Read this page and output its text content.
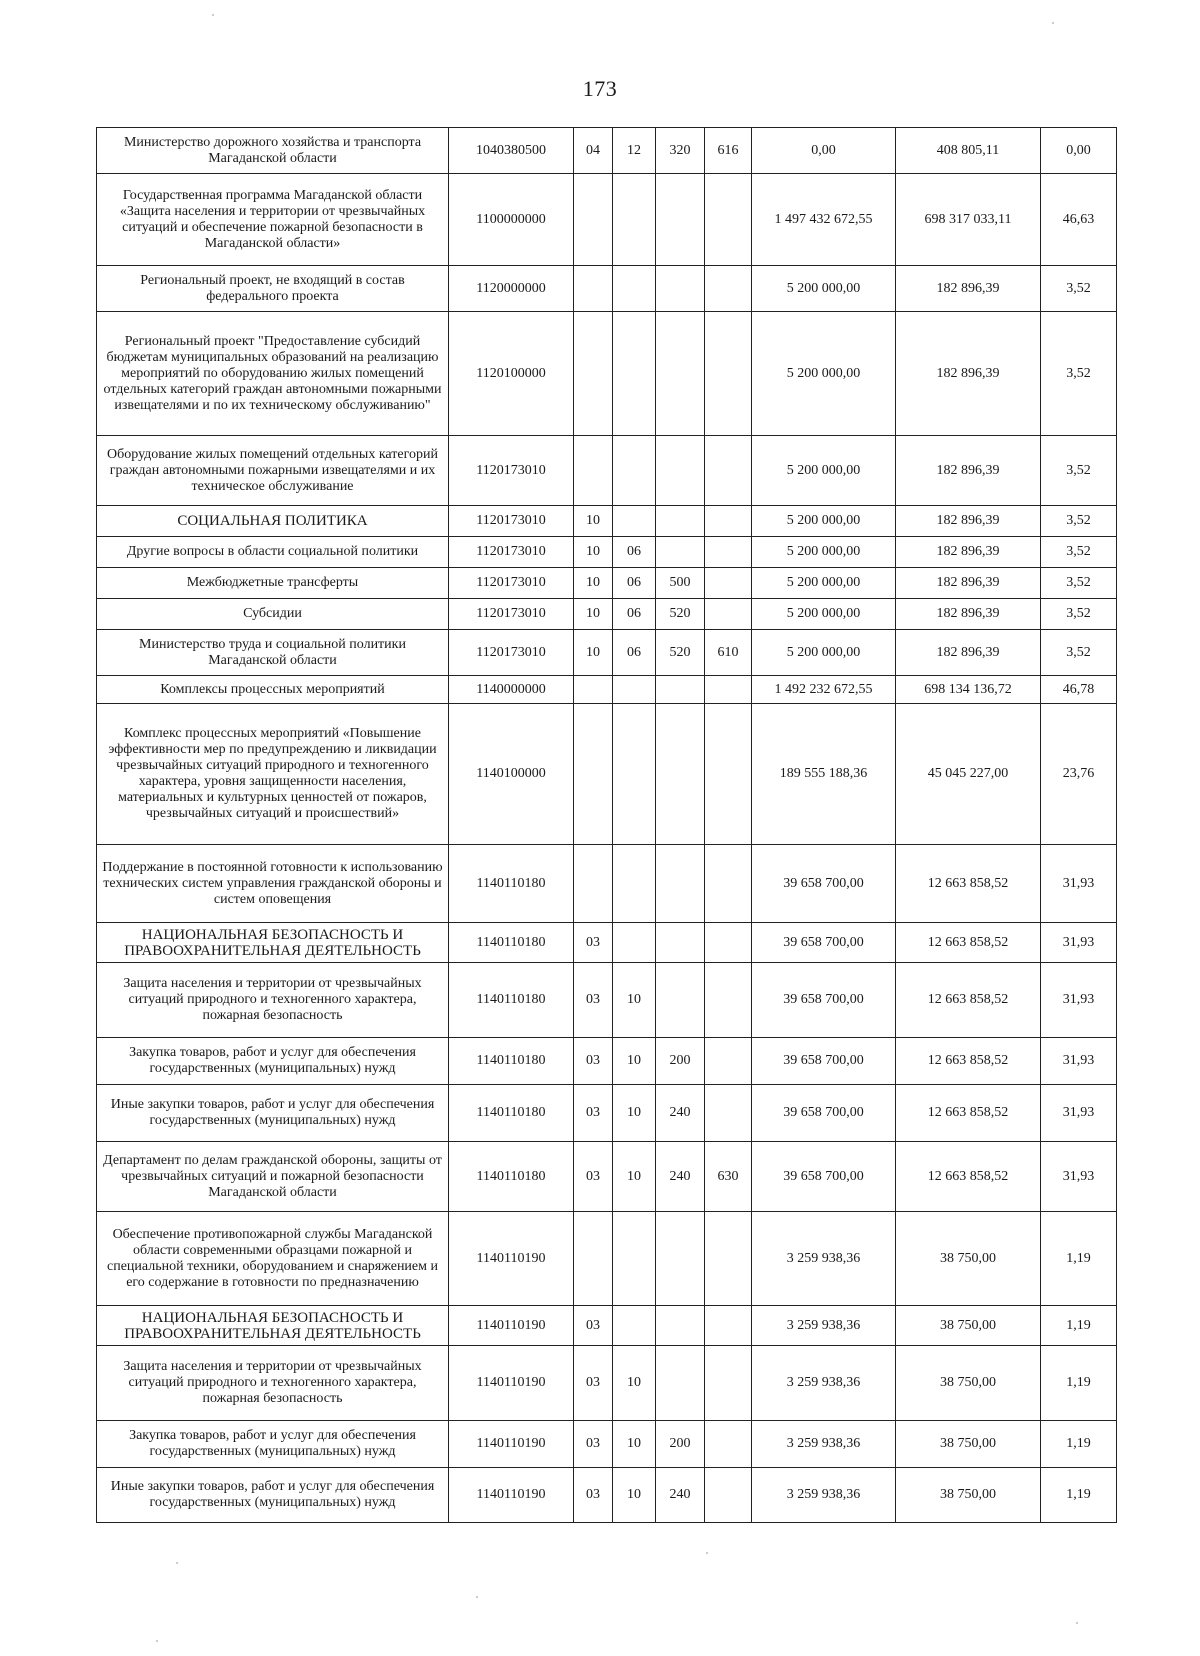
173
Министерство дорожного хозяйства и транспорта Магаданской области	1040380500	04	12	320	616	0,00	408 805,11	0,00
Государственная программа Магаданской области «Защита населения и территории от чрезвычайных ситуаций и обеспечение пожарной безопасности в Магаданской области»	1100000000					1 497 432 672,55	698 317 033,11	46,63
Региональный проект, не входящий в состав федерального проекта	1120000000					5 200 000,00	182 896,39	3,52
Региональный проект "Предоставление субсидий бюджетам муниципальных образований на реализацию мероприятий по оборудованию жилых помещений отдельных категорий граждан автономными пожарными извещателями и по их техническому обслуживанию"	1120100000					5 200 000,00	182 896,39	3,52
Оборудование жилых помещений отдельных категорий граждан автономными пожарными извещателями и их техническое обслуживание	1120173010					5 200 000,00	182 896,39	3,52
СОЦИАЛЬНАЯ ПОЛИТИКА	1120173010	10				5 200 000,00	182 896,39	3,52
Другие вопросы в области социальной политики	1120173010	10	06			5 200 000,00	182 896,39	3,52
Межбюджетные трансферты	1120173010	10	06	500		5 200 000,00	182 896,39	3,52
Субсидии	1120173010	10	06	520		5 200 000,00	182 896,39	3,52
Министерство труда и социальной политики Магаданской области	1120173010	10	06	520	610	5 200 000,00	182 896,39	3,52
Комплексы процессных мероприятий	1140000000					1 492 232 672,55	698 134 136,72	46,78
Комплекс процессных мероприятий «Повышение эффективности мер по предупреждению и ликвидации чрезвычайных ситуаций природного и техногенного характера, уровня защищенности населения, материальных и культурных ценностей от пожаров, чрезвычайных ситуаций и происшествий»	1140100000					189 555 188,36	45 045 227,00	23,76
Поддержание в постоянной готовности к использованию технических систем управления гражданской обороны и систем оповещения	1140110180					39 658 700,00	12 663 858,52	31,93
НАЦИОНАЛЬНАЯ БЕЗОПАСНОСТЬ И ПРАВООХРАНИТЕЛЬНАЯ ДЕЯТЕЛЬНОСТЬ	1140110180	03				39 658 700,00	12 663 858,52	31,93
Защита населения и территории от чрезвычайных ситуаций природного и техногенного характера, пожарная безопасность	1140110180	03	10			39 658 700,00	12 663 858,52	31,93
Закупка товаров, работ и услуг для обеспечения государственных (муниципальных) нужд	1140110180	03	10	200		39 658 700,00	12 663 858,52	31,93
Иные закупки товаров, работ и услуг для обеспечения государственных (муниципальных) нужд	1140110180	03	10	240		39 658 700,00	12 663 858,52	31,93
Департамент по делам гражданской обороны, защиты от чрезвычайных ситуаций и пожарной безопасности Магаданской области	1140110180	03	10	240	630	39 658 700,00	12 663 858,52	31,93
Обеспечение противопожарной службы Магаданской области современными образцами пожарной и специальной техники, оборудованием и снаряжением и его содержание в готовности по предназначению	1140110190					3 259 938,36	38 750,00	1,19
НАЦИОНАЛЬНАЯ БЕЗОПАСНОСТЬ И ПРАВООХРАНИТЕЛЬНАЯ ДЕЯТЕЛЬНОСТЬ	1140110190	03				3 259 938,36	38 750,00	1,19
Защита населения и территории от чрезвычайных ситуаций природного и техногенного характера, пожарная безопасность	1140110190	03	10			3 259 938,36	38 750,00	1,19
Закупка товаров, работ и услуг для обеспечения государственных (муниципальных) нужд	1140110190	03	10	200		3 259 938,36	38 750,00	1,19
Иные закупки товаров, работ и услуг для обеспечения государственных (муниципальных) нужд	1140110190	03	10	240		3 259 938,36	38 750,00	1,19
